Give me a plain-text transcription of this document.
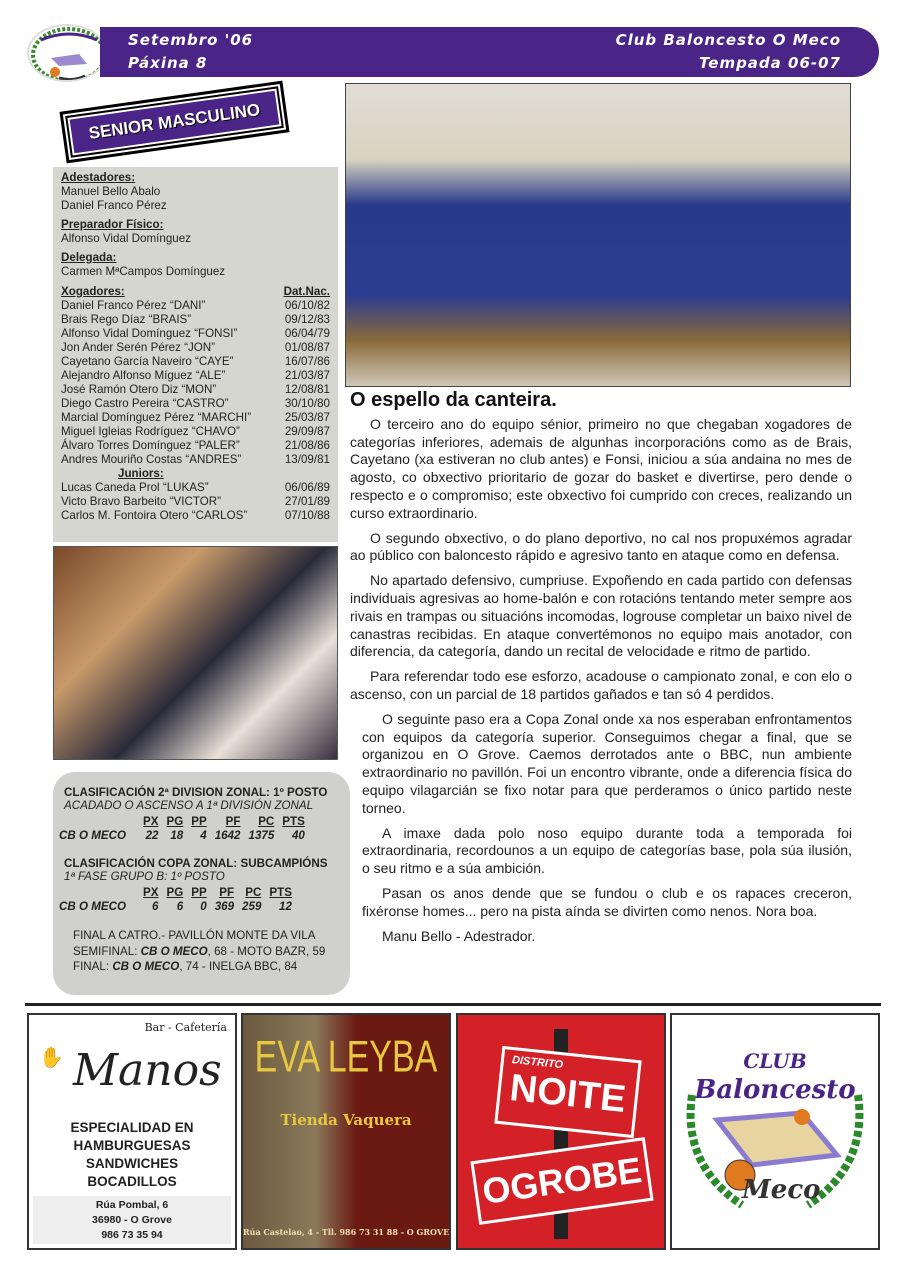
Setembro '06
Páxina 8
Club Baloncesto O Meco
Tempada 06-07
SENIOR MASCULINO
Adestadores:
Manuel Bello Abalo
Daniel Franco Pérez
Preparador Físico:
Alfonso Vidal Domínguez
Delegada:
Carmen MªCampos Domínguez
Xogadores:	Dat.Nac.
Daniel Franco Pérez “DANI”	06/10/82
Brais Rego Díaz “BRAIS”	09/12/83
Alfonso Vidal Domínguez “FONSI”	06/04/79
Jon Ander Serén Pérez “JON”	01/08/87
Cayetano García Naveiro “CAYE”	16/07/86
Alejandro Alfonso Míguez “ALE”	21/03/87
José Ramón Otero Diz “MON”	12/08/81
Diego Castro Pereira “CASTRO”	30/10/80
Marcial Domínguez Pérez “MARCHI”	25/03/87
Miguel Igleias Rodríguez “CHAVO”	29/09/87
Álvaro Torres Domínguez “PALER”	21/08/86
Andres Mouriño Costas “ANDRES”	13/09/81
Juniors:
Lucas Caneda Prol “LUKAS”	06/06/89
Victo Bravo Barbeito “VICTOR”	27/01/89
Carlos M. Fontoira Otero “CARLOS”	07/10/88
CLASIFICACIÓN 2ª DIVISION ZONAL: 1º POSTO
ACADADO O ASCENSO A 1ª DIVISIÓN ZONAL
	PX	PG	PP	PF	PC	PTS
CB O MECO	22	18	4	1642	1375	40
CLASIFICACIÓN COPA ZONAL: SUBCAMPIÓNS
1ª FASE GRUPO B: 1º POSTO
	PX	PG	PP	PF	PC	PTS
CB O MECO	6	6	0	369	259	12
FINAL A CATRO.- PAVILLÓN MONTE DA VILA
SEMIFINAL: CB O MECO, 68 - MOTO BAZR, 59
FINAL: CB O MECO, 74 - INELGA BBC, 84
O espello da canteira.

O terceiro ano do equipo sénior, primeiro no que chegaban xogadores de categorías inferiores, ademais de algunhas incorporacións como as de Brais, Cayetano (xa estiveran no club antes) e Fonsi, iniciou a súa andaina no mes de agosto, co obxectivo prioritario de gozar do basket e divertirse, pero dende o respecto e o compromiso; este obxectivo foi cumprido con creces, realizando un curso extraordinario.

O segundo obxectivo, o do plano deportivo, no cal nos propuxémos agradar ao público con baloncesto rápido e agresivo tanto en ataque como en defensa.

No apartado defensivo, cumpriuse. Expoñendo en cada partido con defensas individuais agresivas ao home-balón e con rotacións tentando meter sempre aos rivais en trampas ou situacións incomodas, logrouse completar un baixo nivel de canastras recibidas. En ataque convertémonos no equipo mais anotador, con diferencia, da categoría, dando un recital de velocidade e ritmo de partido.

Para referendar todo ese esforzo, acadouse o campionato zonal, e con elo o ascenso, con un parcial de 18 partidos gañados e tan só 4 perdidos.

O seguinte paso era a Copa Zonal onde xa nos esperaban enfrontamentos con equipos da categoría superior. Conseguimos chegar a final, que se organizou en O Grove. Caemos derrotados ante o BBC, nun ambiente extraordinario no pavillón. Foi un encontro vibrante, onde a diferencia física do equipo vilagarcián se fixo notar para que perderamos o único partido neste torneo.

A imaxe dada polo noso equipo durante toda a temporada foi extraordinaria, recordounos a un equipo de categorías base, pola súa ilusión, o seu ritmo e a súa ambición.

Pasan os anos dende que se fundou o club e os rapaces creceron, fixéronse homes... pero na pista aínda se divirten como nenos. Nora boa.

Manu Bello - Adestrador.

Bar - Cafetería
✋ Manos
ESPECIALIDAD EN
HAMBURGUESAS
SANDWICHES
BOCADILLOS
Rúa Pombal, 6
36980 - O Grove
986 73 35 94
EVA LEYBA
Tienda Vaquera
Rúa Castelao, 4 - Tll. 986 73 31 88 - O GROVE
DISTRITO
NOITE
OGROBE
CLUB
Baloncesto
Meco
